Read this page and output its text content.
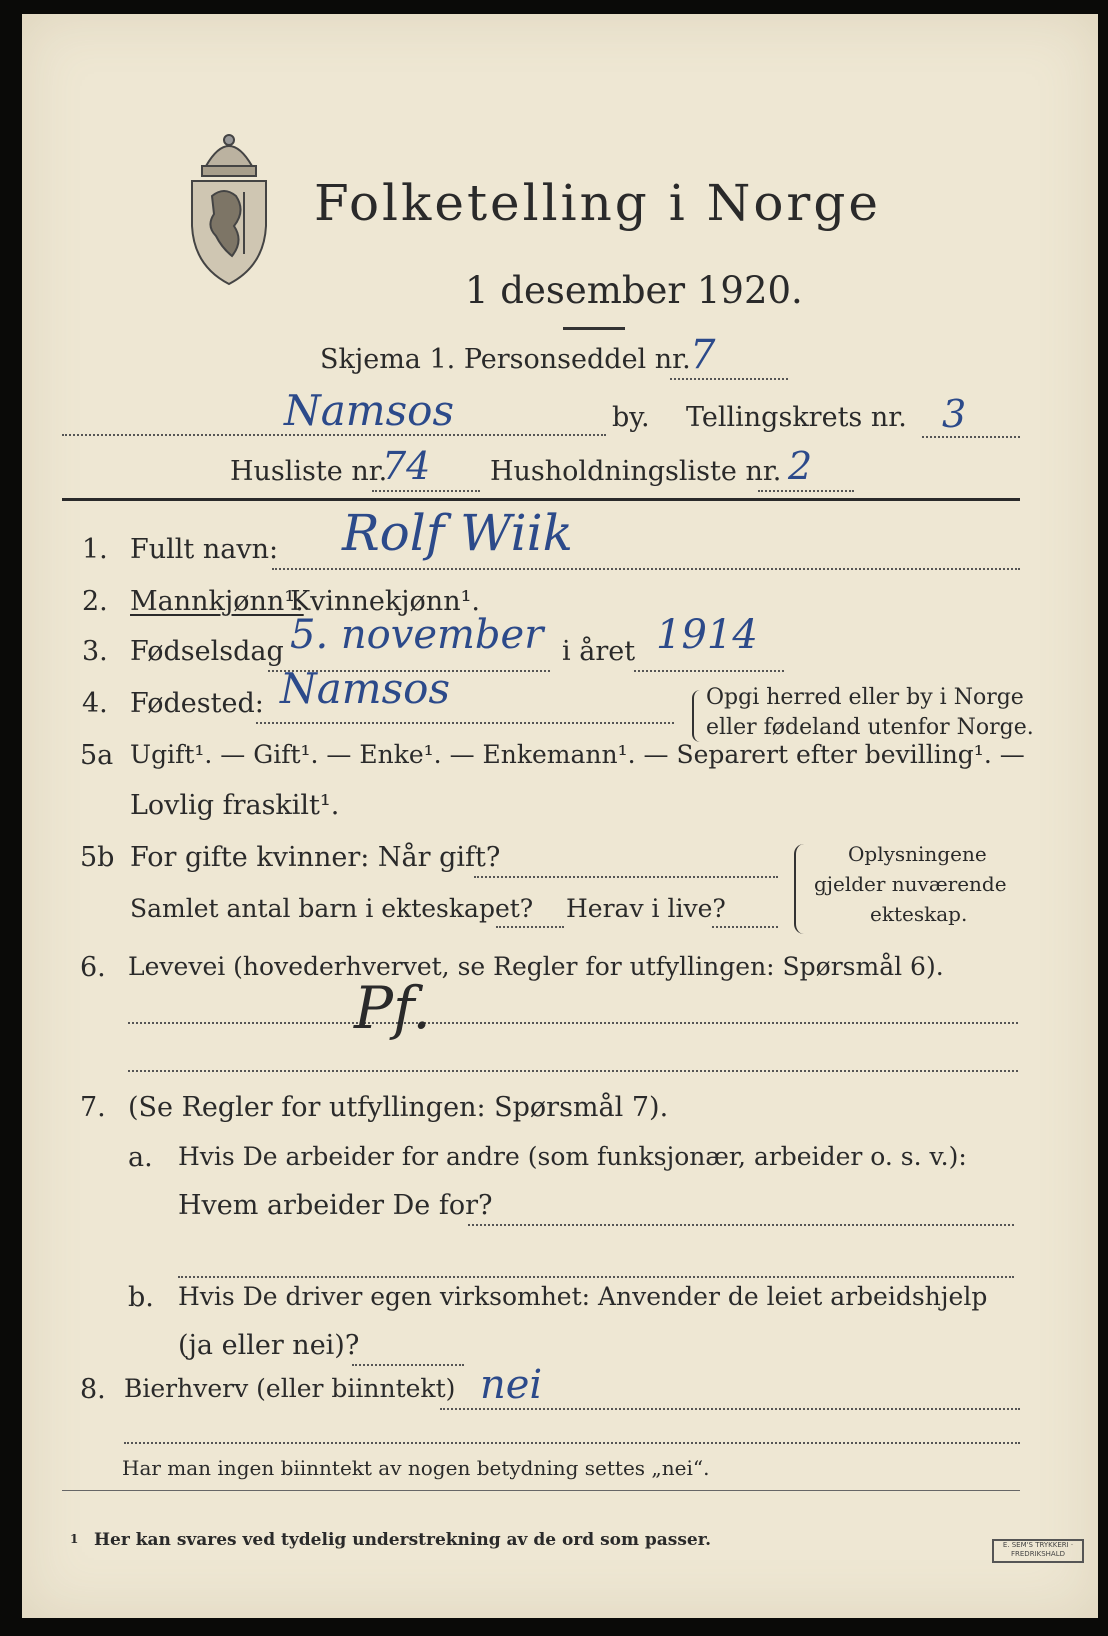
Folketelling i Norge
1 desember 1920.
Skjema 1. Personseddel nr. 7
Namsos	by. Tellingskrets nr. 3
Husliste nr.
74 Husholdningsliste nr. 2
1. Fullt navn: Rolf Wiik
2. Mannkjønn¹.
Kvinnekjønn¹.
3. Fødselsdag 5. november i året 1914
4. Fødested: Namsos	Opgi herred eller by i Norge
eller fødeland utenfor Norge.
5a Ugift¹. — Gift¹. — Enke¹. — Enkemann¹. — Separert efter bevilling¹. —
Lovlig fraskilt¹.
5b For gifte kvinner: Når gift?
Samlet antal barn i ekteskapet? Herav i live?
Oplysningene
gjelder nuværende
ekteskap.
6. Levevei (hovederhvervet, se Regler for utfyllingen: Spørsmål 6).
Pf.
7. (Se Regler for utfyllingen: Spørsmål 7).
a. Hvis De arbeider for andre (som funksjonær, arbeider o. s. v.):
Hvem arbeider De for?
b. Hvis De driver egen virksomhet: Anvender de leiet arbeidshjelp
(ja eller nei)?
8. Bierhverv (eller biinntekt) nei
Har man ingen biinntekt av nogen betydning settes „nei“.
1 Her kan svares ved tydelig understrekning av de ord som passer.	E. SEM'S TRYKKERI · FREDRIKSHALD
